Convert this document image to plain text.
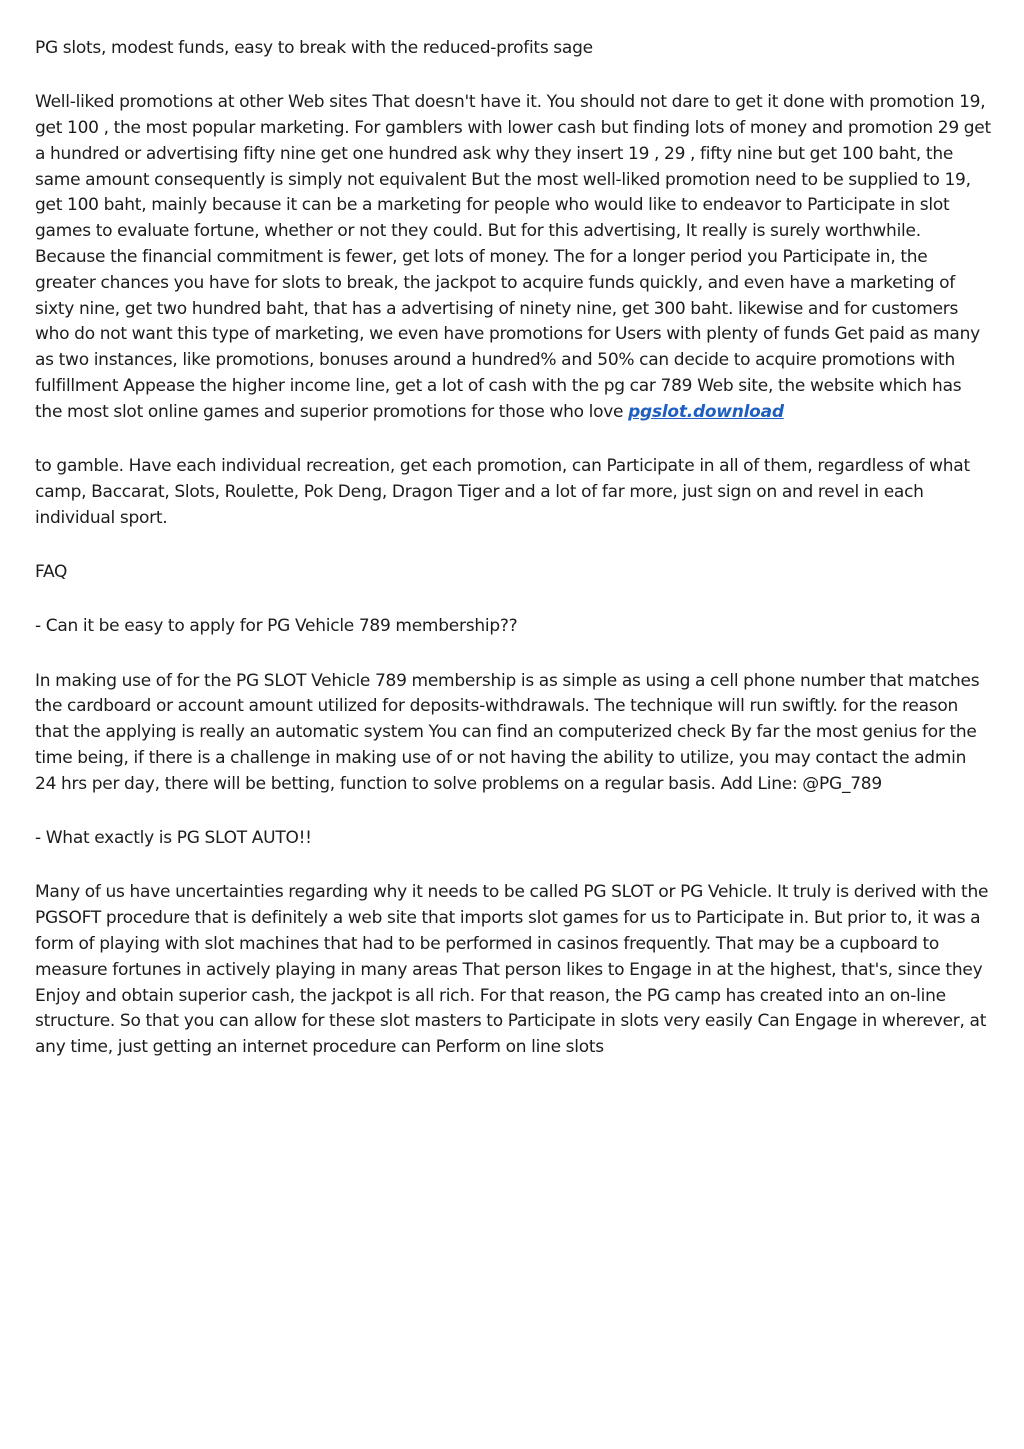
PG slots, modest funds, easy to break with the reduced-profits sage

Well-liked promotions at other Web sites That doesn't have it. You should not dare to get it done with promotion 19, get 100 , the most popular marketing. For gamblers with lower cash but finding lots of money and promotion 29 get a hundred or advertising fifty nine get one hundred ask why they insert 19 , 29 , fifty nine but get 100 baht, the same amount consequently is simply not equivalent But the most well-liked promotion need to be supplied to 19, get 100 baht, mainly because it can be a marketing for people who would like to endeavor to Participate in slot games to evaluate fortune, whether or not they could. But for this advertising, It really is surely worthwhile. Because the financial commitment is fewer, get lots of money. The for a longer period you Participate in, the greater chances you have for slots to break, the jackpot to acquire funds quickly, and even have a marketing of sixty nine, get two hundred baht, that has a advertising of ninety nine, get 300 baht. likewise and for customers who do not want this type of marketing, we even have promotions for Users with plenty of funds Get paid as many as two instances, like promotions, bonuses around a hundred% and 50% can decide to acquire promotions with fulfillment Appease the higher income line, get a lot of cash with the pg car 789 Web site, the website which has the most slot online games and superior promotions for those who love pgslot.download

to gamble. Have each individual recreation, get each promotion, can Participate in all of them, regardless of what camp, Baccarat, Slots, Roulette, Pok Deng, Dragon Tiger and a lot of far more, just sign on and revel in each individual sport.

FAQ

- Can it be easy to apply for PG Vehicle 789 membership??

In making use of for the PG SLOT Vehicle 789 membership is as simple as using a cell phone number that matches the cardboard or account amount utilized for deposits-withdrawals. The technique will run swiftly. for the reason that the applying is really an automatic system You can find an computerized check By far the most genius for the time being, if there is a challenge in making use of or not having the ability to utilize, you may contact the admin 24 hrs per day, there will be betting, function to solve problems on a regular basis. Add Line: @PG_789

- What exactly is PG SLOT AUTO!!

Many of us have uncertainties regarding why it needs to be called PG SLOT or PG Vehicle. It truly is derived with the PGSOFT procedure that is definitely a web site that imports slot games for us to Participate in. But prior to, it was a form of playing with slot machines that had to be performed in casinos frequently. That may be a cupboard to measure fortunes in actively playing in many areas That person likes to Engage in at the highest, that's, since they Enjoy and obtain superior cash, the jackpot is all rich. For that reason, the PG camp has created into an on-line structure. So that you can allow for these slot masters to Participate in slots very easily Can Engage in wherever, at any time, just getting an internet procedure can Perform on line slots
